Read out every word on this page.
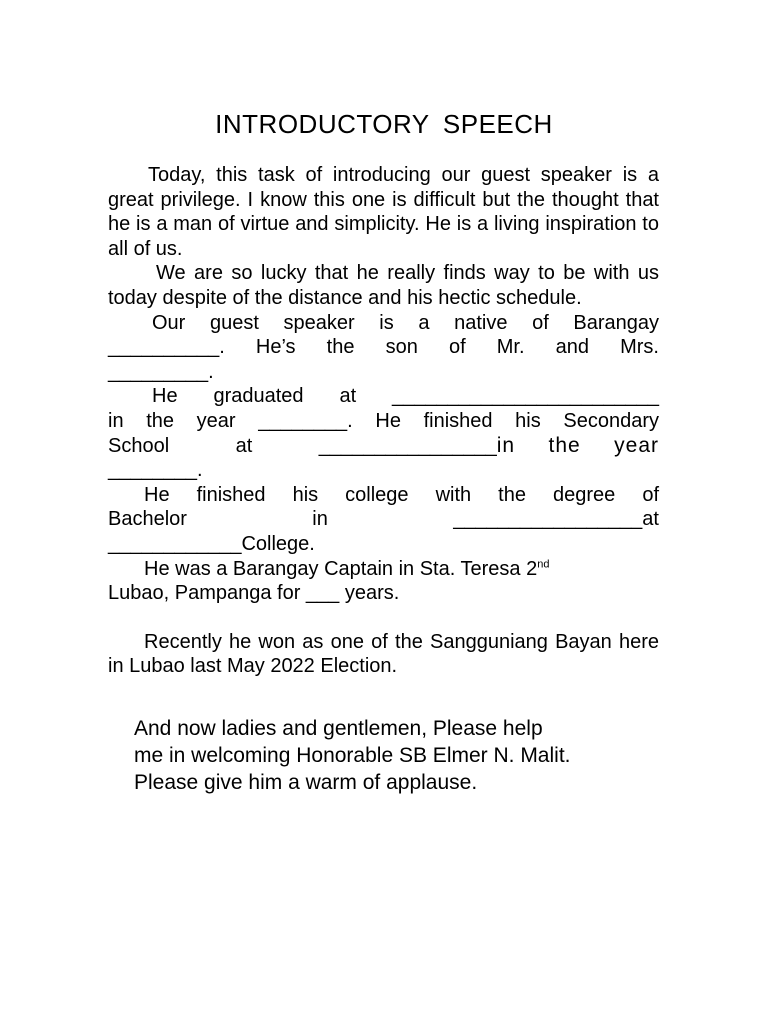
INTRODUCTORY SPEECH

Today, this task of introducing our guest speaker is a great privilege. I know this one is difficult but the thought that he is a man of virtue and simplicity. He is a living inspiration to all of us.

We are so lucky that he really finds way to be with us today despite of the distance and his hectic schedule.

Our guest speaker is a native of Barangay
__________. He’s the son of Mr. and Mrs.
_________.
He graduated at ________________________
in the year ________. He finished his Secondary
School   at   ________________in the year
________.
He finished his college with the degree of
Bachelor	in	_________________at
____________College.
He was a Barangay Captain in Sta. Teresa 2nd
Lubao, Pampanga for ___ years.

Recently he won as one of the Sangguniang Bayan here in Lubao last May 2022 Election.

And now ladies and gentlemen, Please help

me in welcoming Honorable SB Elmer N. Malit.

Please give him a warm of applause.
